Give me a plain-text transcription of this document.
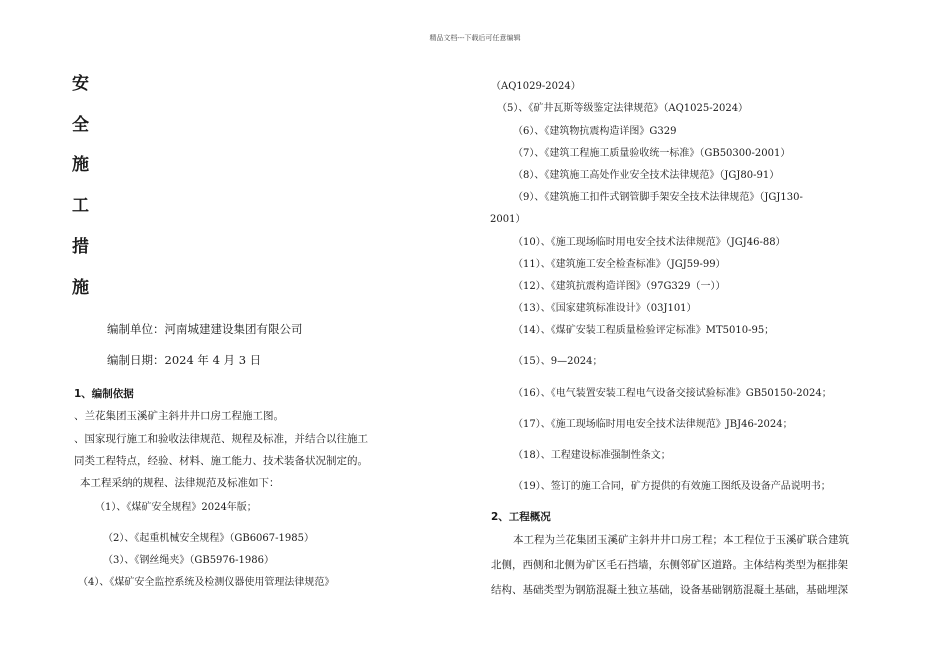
精品文档---下载后可任意编辑
安
全
施
工
措
施
编制单位：河南城建建设集团有限公司
编制日期：2024 年 4 月 3 日
1、编制依据
、兰花集团玉溪矿主斜井井口房工程施工图。
、国家现行施工和验收法律规范、规程及标准，并结合以往施工
同类工程特点，经验、材料、施工能力、技术装备状况制定的。
本工程采纳的规程、法律规范及标准如下：
（1）、《煤矿安全规程》2024年版；
（2）、《起重机械安全规程》（GB6067-1985）
（3）、《钢丝绳夹》（GB5976-1986）
（4）、《煤矿安全监控系统及检测仪器使用管理法律规范》
（AQ1029-2024）
（5）、《矿井瓦斯等级鉴定法律规范》（AQ1025-2024）
（6）、《建筑物抗震构造详图》G329
（7）、《建筑工程施工质量验收统一标准》（GB50300-2001）
（8）、《建筑施工高处作业安全技术法律规范》（JGJ80-91）
（9）、《建筑施工扣件式钢管脚手架安全技术法律规范》（JGJ130-
2001）
（10）、《施工现场临时用电安全技术法律规范》（JGJ46-88）
（11）、《建筑施工安全检查标准》（JGJ59-99）
（12）、《建筑抗震构造详图》（97G329（一））
（13）、《国家建筑标准设计》（03J101）
（14）、《煤矿安装工程质量检验评定标准》MT5010-95；
（15）、9—2024；
（16）、《电气装置安装工程电气设备交接试验标准》GB50150-2024；
（17）、《施工现场临时用电安全技术法律规范》JBJ46-2024；
（18）、工程建设标准强制性条文；
（19）、签订的施工合同，矿方提供的有效施工图纸及设备产品说明书；
2、工程概况
本工程为兰花集团玉溪矿主斜井井口房工程；本工程位于玉溪矿联合建筑
北侧，西侧和北侧为矿区毛石挡墙，东侧邻矿区道路。主体结构类型为框排架
结构、基础类型为钢筋混凝土独立基础，设备基础钢筋混凝土基础，基础埋深
